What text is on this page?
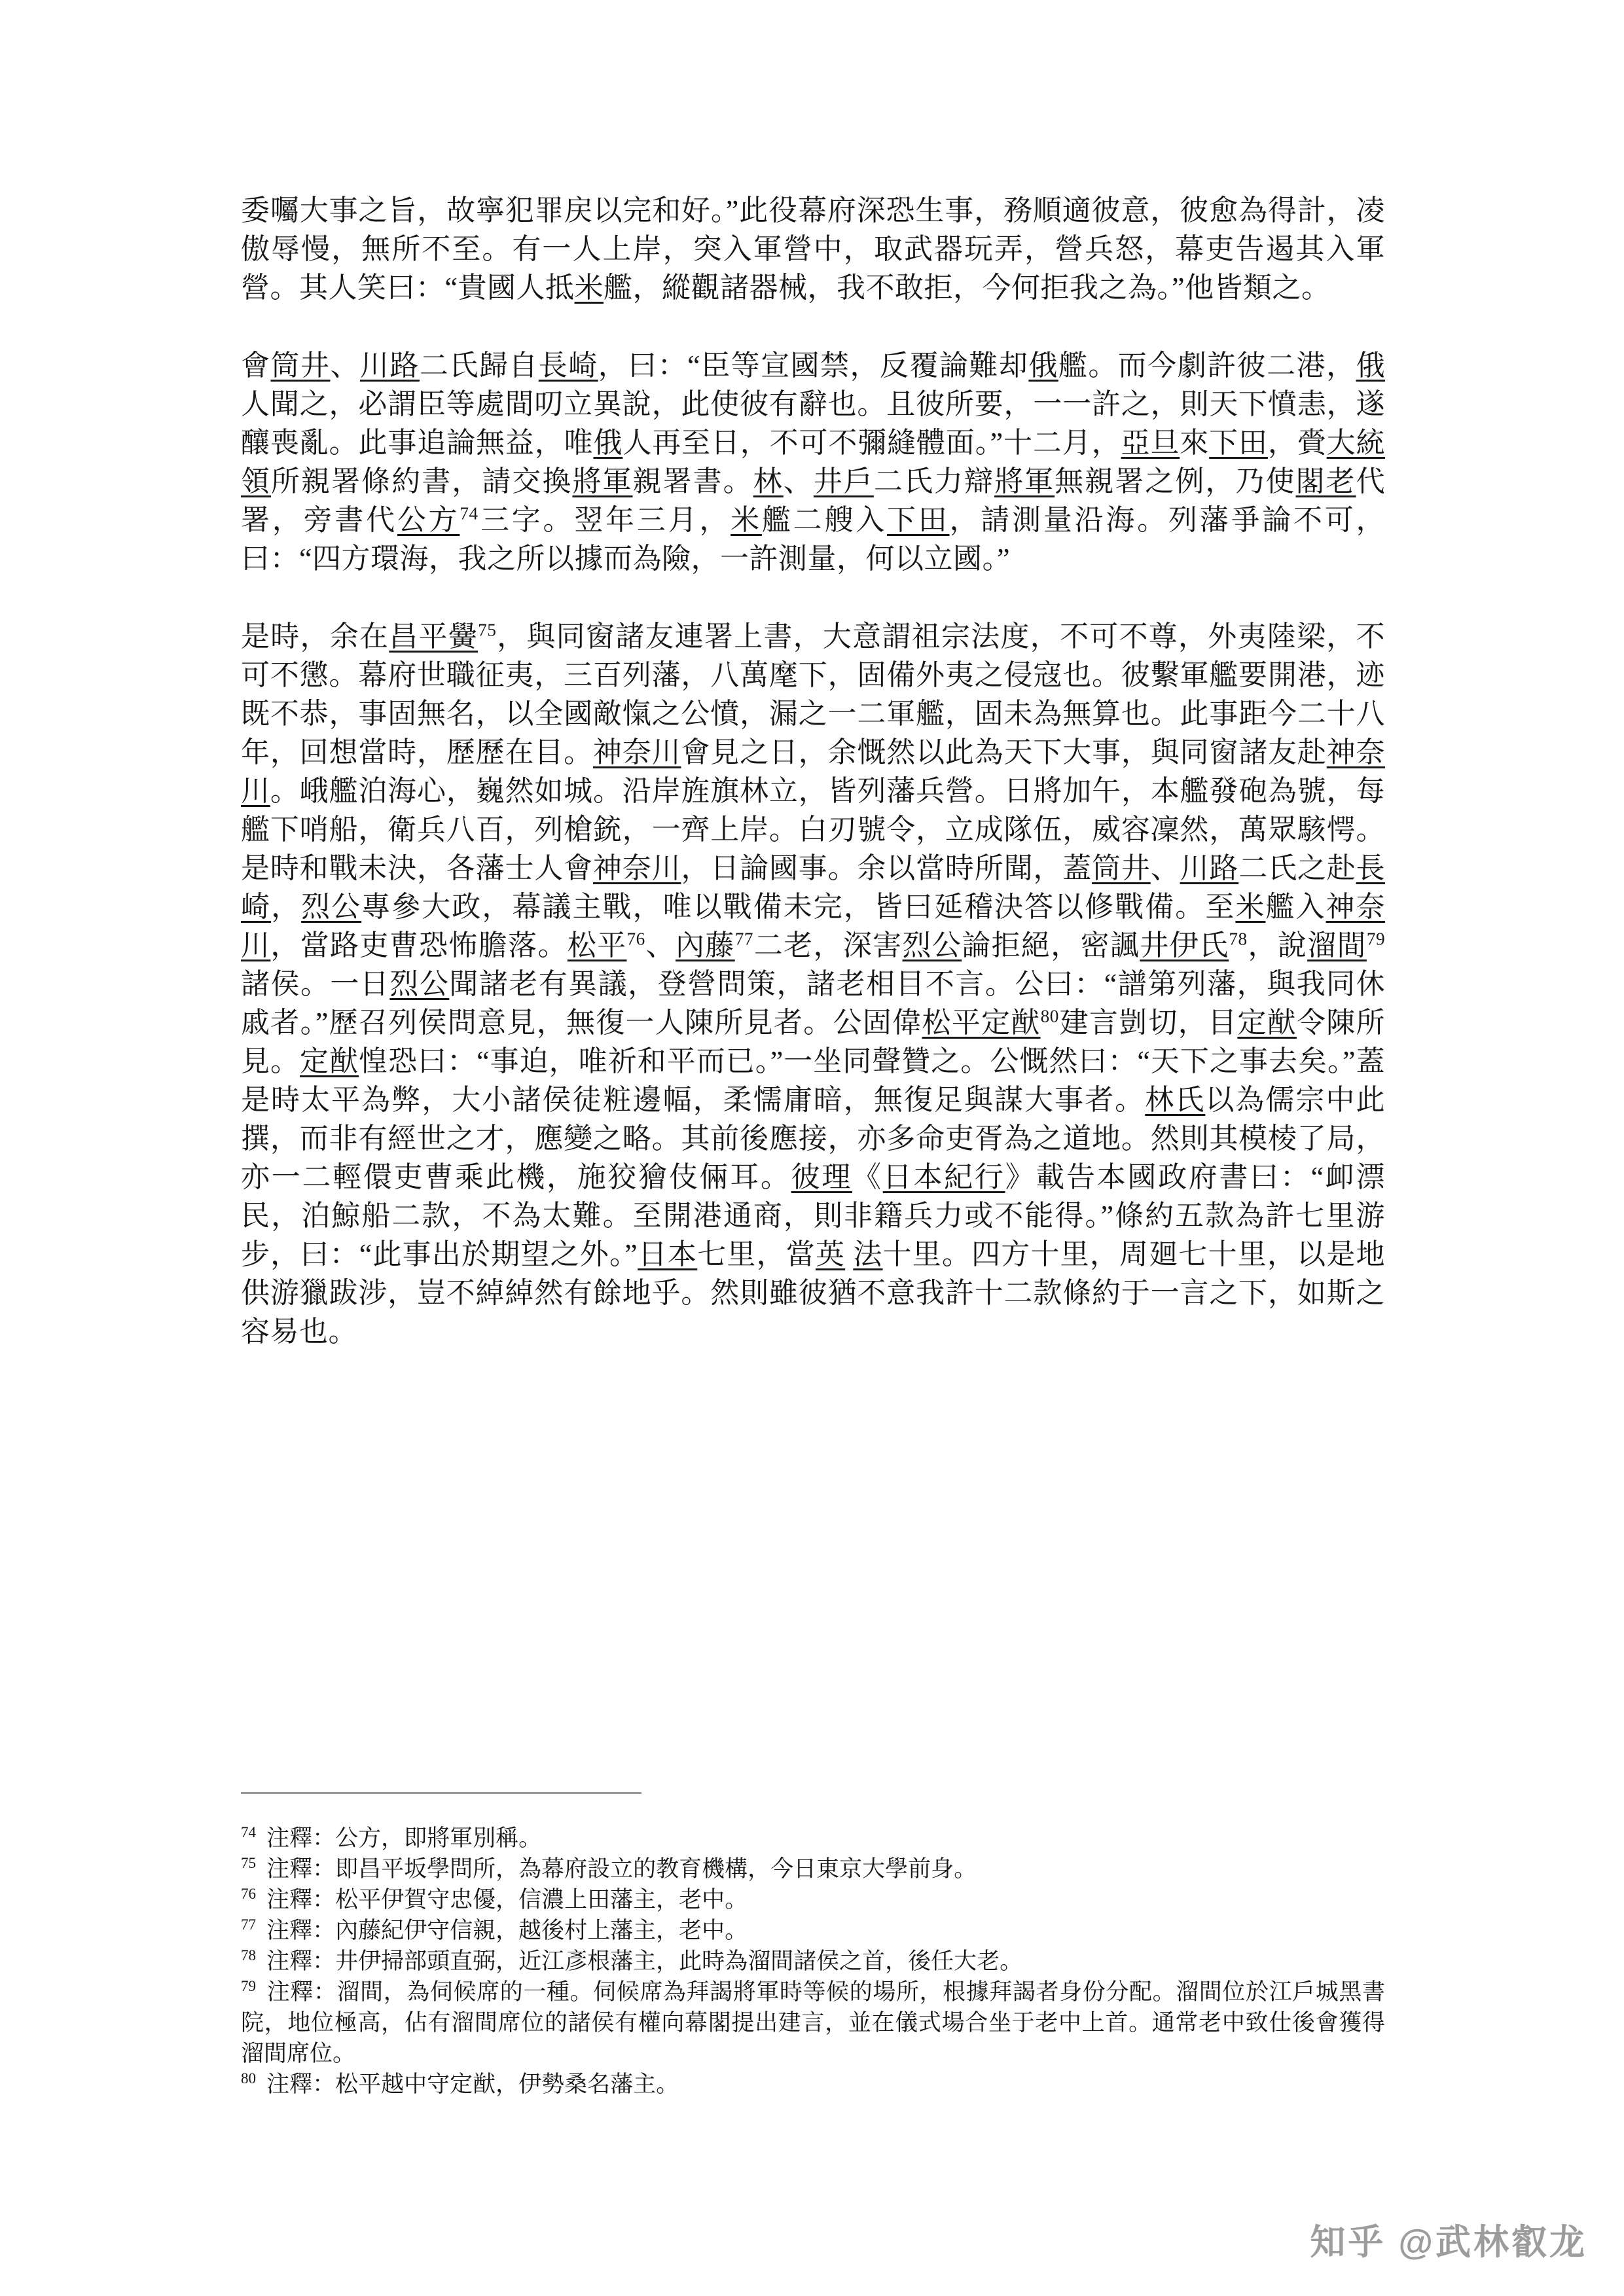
委囑大事之旨，故寧犯罪戻以完和好。”此役幕府深恐生事，務順適彼意，彼愈為得計，凌傲辱慢，無所不至。有一人上岸，突入軍營中，取武器玩弄，營兵怒，幕吏告遏其入軍營。其人笑曰：“貴國人抵米艦，縱觀諸器械，我不敢拒，今何拒我之為。”他皆類之。

會筒井、川路二氏歸自長崎，曰：“臣等宣國禁，反覆論難却俄艦。而今劇許彼二港，俄人聞之，必謂臣等處間叨立異說，此使彼有辭也。且彼所要，一一許之，則天下憤恚，遂釀喪亂。此事追論無益，唯俄人再至日，不可不彌縫體面。”十二月，亞旦來下田，賫大統領所親署條約書，請交換將軍親署書。林、井戶二氏力辯將軍無親署之例，乃使閣老代署，旁書代公方$^{74}$三字。翌年三月，米艦二艘入下田，請測量沿海。列藩爭論不可，曰：“四方環海，我之所以據而為險，一許測量，何以立國。”

是時，余在昌平黌$^{75}$，與同窗諸友連署上書，大意謂祖宗法度，不可不尊，外夷陸梁，不可不懲。幕府世職征夷，三百列藩，八萬麾下，固備外夷之侵寇也。彼繫軍艦要開港，迹既不恭，事固無名，以全國敵愾之公憤，漏之一二軍艦，固未為無算也。此事距今二十八年，回想當時，歷歷在目。神奈川會見之日，余慨然以此為天下大事，與同窗諸友赴神奈川。峨艦泊海心，巍然如城。沿岸旌旗林立，皆列藩兵營。日將加午，本艦發砲為號，每艦下哨船，衛兵八百，列槍銃，一齊上岸。白刃號令，立成隊伍，威容凜然，萬眾駭愕。是時和戰未決，各藩士人會神奈川，日論國事。余以當時所聞，蓋筒井、川路二氏之赴長崎，烈公專參大政，幕議主戰，唯以戰備未完，皆曰延稽決答以修戰備。至米艦入神奈川，當路吏曹恐怖膽落。松平$^{76}$、內藤$^{77}$二老，深害烈公論拒絕，密諷井伊氏$^{78}$，說溜間$^{79}$諸侯。一日烈公聞諸老有異議，登營問策，諸老相目不言。公曰：“譜第列藩，與我同休戚者。”歷召列侯問意見，無復一人陳所見者。公固偉松平定猷$^{80}$建言剴切，目定猷令陳所見。定猷惶恐曰：“事迫，唯祈和平而已。”一坐同聲贊之。公慨然曰：“天下之事去矣。”蓋是時太平為弊，大小諸侯徒粧邊幅，柔懦庸暗，無復足與謀大事者。林氏以為儒宗中此撰，而非有經世之才，應變之略。其前後應接，亦多命吏胥為之道地。然則其模棱了局，亦一二輕儇吏曹乘此機，施狡獪伎倆耳。彼理《日本紀行》載告本國政府書曰：“卹漂民，泊鯨船二款，不為太難。至開港通商，則非籍兵力或不能得。”條約五款為許七里游步，曰：“此事出於期望之外。”日本七里，當英 法十里。四方十里，周廻七十里，以是地供游獵跋涉，豈不綽綽然有餘地乎。然則雖彼猶不意我許十二款條約于一言之下，如斯之容易也。

$^{74}$ 注釋：公方，即將軍別稱。

$^{75}$ 注釋：即昌平坂學問所，為幕府設立的教育機構，今日東京大學前身。

$^{76}$ 注釋：松平伊賀守忠優，信濃上田藩主，老中。

$^{77}$ 注釋：內藤紀伊守信親，越後村上藩主，老中。

$^{78}$ 注釋：井伊掃部頭直弼，近江彥根藩主，此時為溜間諸侯之首，後任大老。

$^{79}$ 注釋：溜間，為伺候席的一種。伺候席為拜謁將軍時等候的場所，根據拜謁者身份分配。溜間位於江戶城黑書院，地位極高，佔有溜間席位的諸侯有權向幕閣提出建言，並在儀式場合坐于老中上首。通常老中致仕後會獲得溜間席位。

$^{80}$ 注釋：松平越中守定猷，伊勢桑名藩主。

知乎 @武林叡龙
